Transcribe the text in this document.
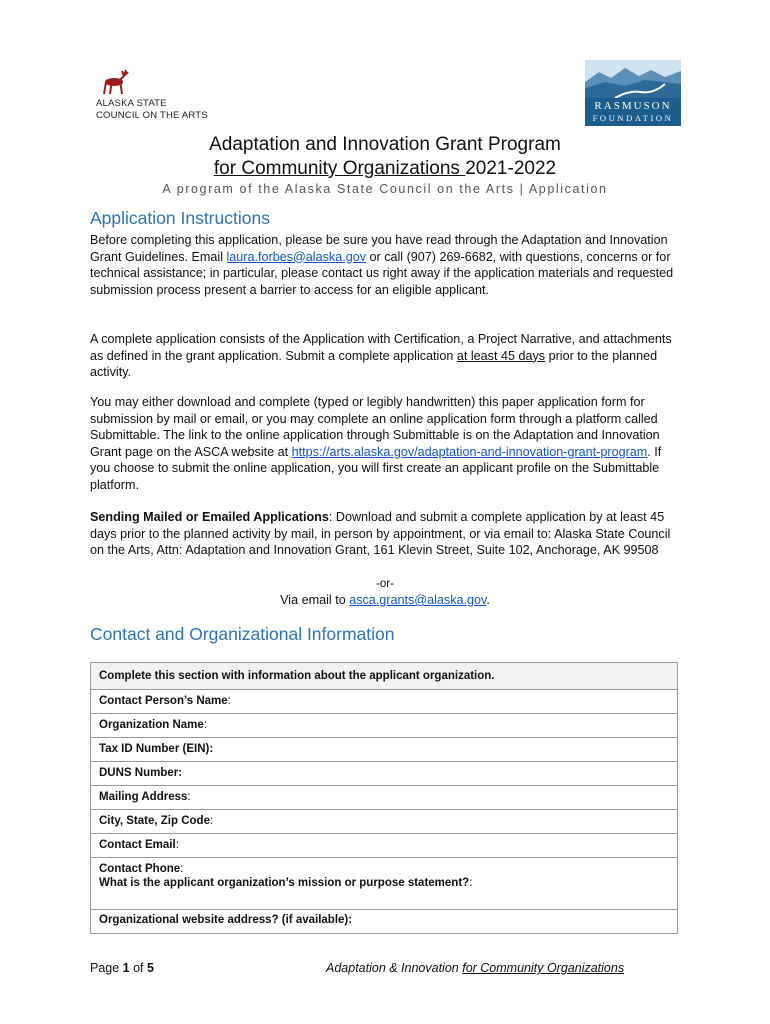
ALASKA STATE
COUNCIL ON THE ARTS
RASMUSON
FOUNDATION
Adaptation and Innovation Grant Program
for Community Organizations 2021-2022
A program of the Alaska State Council on the Arts | Application
Application Instructions
Before completing this application, please be sure you have read through the Adaptation and Innovation Grant Guidelines. Email laura.forbes@alaska.gov or call (907) 269-6682, with questions, concerns or for technical assistance; in particular, please contact us right away if the application materials and requested submission process present a barrier to access for an eligible applicant.
A complete application consists of the Application with Certification, a Project Narrative, and attachments as defined in the grant application. Submit a complete application at least 45 days prior to the planned activity.
You may either download and complete (typed or legibly handwritten) this paper application form for submission by mail or email, or you may complete an online application form through a platform called Submittable. The link to the online application through Submittable is on the Adaptation and Innovation Grant page on the ASCA website at https://arts.alaska.gov/adaptation-and-innovation-grant-program. If you choose to submit the online application, you will first create an applicant profile on the Submittable platform.
Sending Mailed or Emailed Applications: Download and submit a complete application by at least 45 days prior to the planned activity by mail, in person by appointment, or via email to: Alaska State Council on the Arts, Attn: Adaptation and Innovation Grant, 161 Klevin Street, Suite 102, Anchorage, AK 99508
-or-
Via email to asca.grants@alaska.gov.
Contact and Organizational Information
Complete this section with information about the applicant organization.
Contact Person’s Name:
Organization Name:
Tax ID Number (EIN):
DUNS Number:
Mailing Address:
City, State, Zip Code:
Contact Email:
Contact Phone:
What is the applicant organization’s mission or purpose statement?:
Organizational website address? (if available):
Page 1 of 5	Adaptation & Innovation for Community Organizations
